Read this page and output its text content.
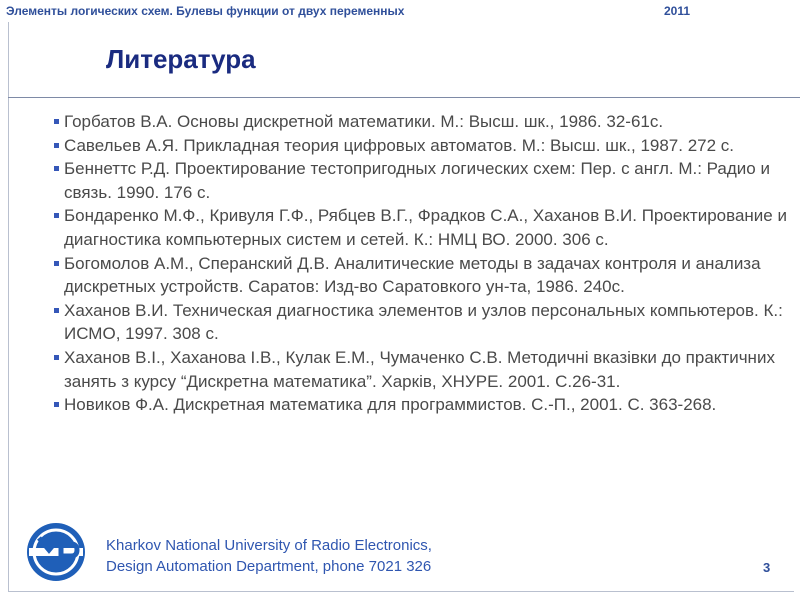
Элементы логических схем. Булевы функции от двух переменных	2011
Литература
Горбатов В.А. Основы дискретной математики. М.: Высш. шк., 1986. 32-61с.
Савельев А.Я. Прикладная теория цифровых автоматов. М.: Высш. шк., 1987. 272 с.
Беннеттс Р.Д. Проектирование тестопригодных логических схем: Пер. с англ. М.: Радио и связь. 1990. 176 с.
Бондаренко М.Ф., Кривуля Г.Ф., Рябцев В.Г., Фрадков С.А., Хаханов В.И. Проектирование и диагностика компьютерных систем и сетей. К.: НМЦ ВО. 2000. 306 с.
Богомолов А.М., Сперанский Д.В. Аналитические методы в задачах контроля и анализа дискретных устройств. Саратов: Изд-во Саратовкого ун-та, 1986. 240с.
Хаханов В.И. Техническая диагностика элементов и узлов персональных компьютеров. К.: ИСМО, 1997. 308 с.
Хаханов В.І., Хаханова І.В., Кулак Е.М., Чумаченко С.В. Методичні вказівки до практичних занять з курсу “Дискретна математика”. Харків, ХНУРЕ. 2001. С.26-31.
Новиков Ф.А. Дискретная математика для программистов. С.-П., 2001. С. 363-268.
Kharkov National University of Radio Electronics,
Design Automation Department, phone 7021 326	3
